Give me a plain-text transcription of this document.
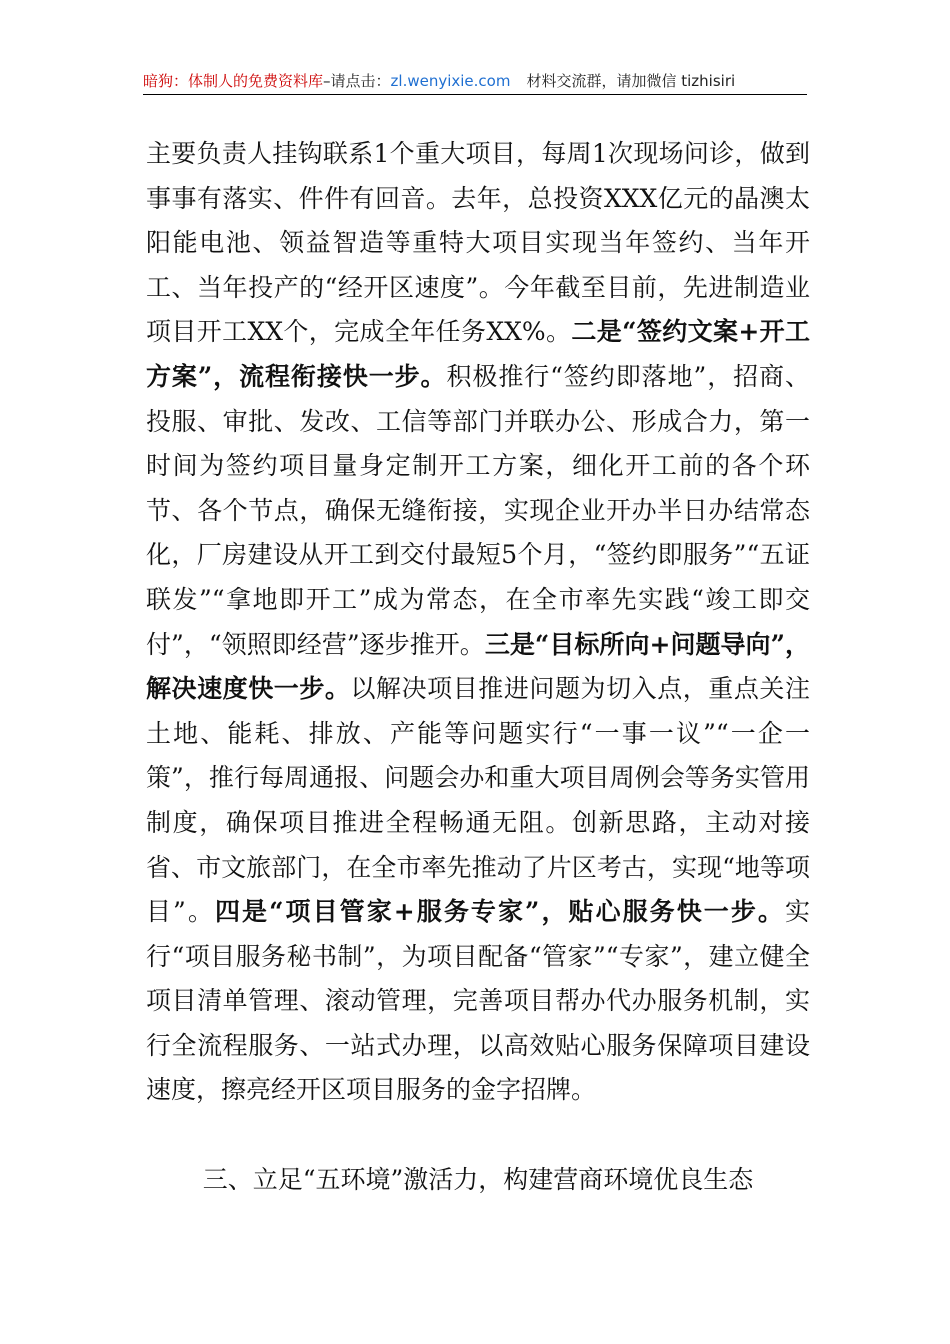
暗狗：体制人的免费资料库–请点击：zl.wenyixie.com 材料交流群，请加微信 tizhisiri

主要负责人挂钩联系1个重大项目，每周1次现场问诊，做到事事有落实、件件有回音。去年，总投资XXX亿元的晶澳太阳能电池、领益智造等重特大项目实现当年签约、当年开工、当年投产的“经开区速度”。今年截至目前，先进制造业项目开工XX个，完成全年任务XX%。二是“签约文案+开工方案”，流程衔接快一步。积极推行“签约即落地”，招商、投服、审批、发改、工信等部门并联办公、形成合力，第一时间为签约项目量身定制开工方案，细化开工前的各个环节、各个节点，确保无缝衔接，实现企业开办半日办结常态化，厂房建设从开工到交付最短5个月，“签约即服务”“五证联发”“拿地即开工”成为常态，在全市率先实践“竣工即交付”，“领照即经营”逐步推开。三是“目标所向+问题导向”，解决速度快一步。以解决项目推进问题为切入点，重点关注土地、能耗、排放、产能等问题实行“一事一议”“一企一策”，推行每周通报、问题会办和重大项目周例会等务实管用制度，确保项目推进全程畅通无阻。创新思路，主动对接省、市文旅部门，在全市率先推动了片区考古，实现“地等项目”。四是“项目管家+服务专家”，贴心服务快一步。实行“项目服务秘书制”，为项目配备“管家”“专家”，建立健全项目清单管理、滚动管理，完善项目帮办代办服务机制，实行全流程服务、一站式办理，以高效贴心服务保障项目建设速度，擦亮经开区项目服务的金字招牌。

三、立足“五环境”激活力，构建营商环境优良生态
